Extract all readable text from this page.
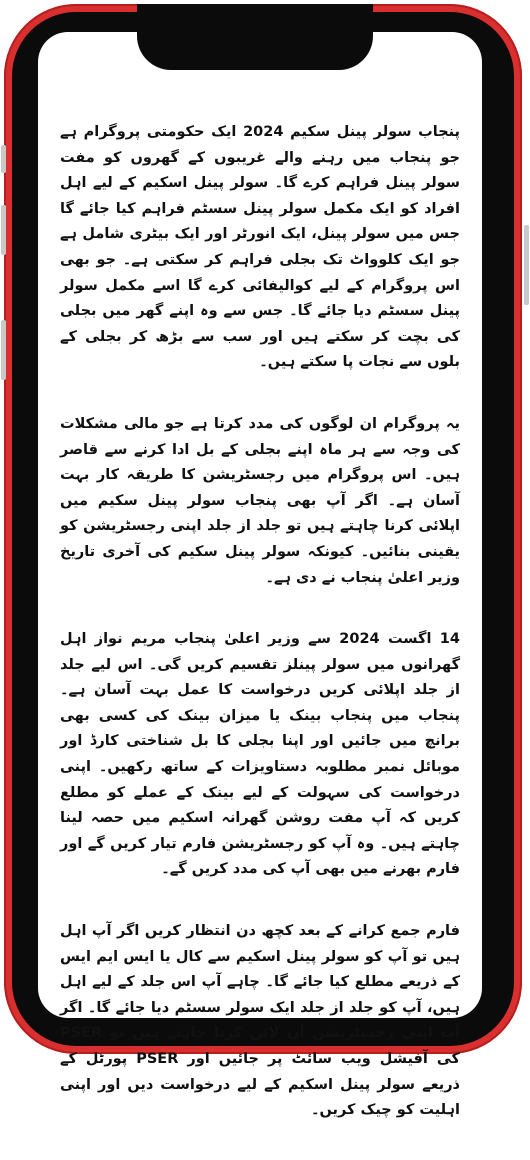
پنجاب سولر پینل سکیم 2024 ایک حکومتی پروگرام ہے جو پنجاب میں رہنے والے غریبوں کے گھروں کو مفت سولر پینل فراہم کرے گا۔ سولر پینل اسکیم کے لیے اہل افراد کو ایک مکمل سولر پینل سسٹم فراہم کیا جائے گا جس میں سولر پینل، ایک انورٹر اور ایک بیٹری شامل ہے جو ایک کلوواٹ تک بجلی فراہم کر سکتی ہے۔ جو بھی اس پروگرام کے لیے کوالیفائی کرے گا اسے مکمل سولر پینل سسٹم دیا جائے گا۔ جس سے وہ اپنے گھر میں بجلی کی بچت کر سکتے ہیں اور سب سے بڑھ کر بجلی کے بلوں سے نجات پا سکتے ہیں۔

یہ پروگرام ان لوگوں کی مدد کرتا ہے جو مالی مشکلات کی وجہ سے ہر ماہ اپنے بجلی کے بل ادا کرنے سے قاصر ہیں۔ اس پروگرام میں رجسٹریشن کا طریقہ کار بہت آسان ہے۔ اگر آپ بھی پنجاب سولر پینل سکیم میں اپلائی کرنا چاہتے ہیں تو جلد از جلد اپنی رجسٹریشن کو یقینی بنائیں۔ کیونکہ سولر پینل سکیم کی آخری تاریخ وزیر اعلیٰ پنجاب نے دی ہے۔

14 اگست 2024 سے وزیر اعلیٰ پنجاب مریم نواز اہل گھرانوں میں سولر پینلز تقسیم کریں گی۔ اس لیے جلد از جلد اپلائی کریں درخواست کا عمل بہت آسان ہے۔ پنجاب میں پنجاب بینک یا میزان بینک کی کسی بھی برانچ میں جائیں اور اپنا بجلی کا بل شناختی کارڈ اور موبائل نمبر مطلوبہ دستاویزات کے ساتھ رکھیں۔ اپنی درخواست کی سہولت کے لیے بینک کے عملے کو مطلع کریں کہ آپ مفت روشن گھرانہ اسکیم میں حصہ لینا چاہتے ہیں۔ وہ آپ کو رجسٹریشن فارم تیار کریں گے اور فارم بھرنے میں بھی آپ کی مدد کریں گے۔

فارم جمع کرانے کے بعد کچھ دن انتظار کریں اگر آپ اہل ہیں تو آپ کو سولر پینل اسکیم سے کال یا ایس ایم ایس کے ذریعے مطلع کیا جائے گا۔ چاہے آپ اس جلد کے لیے اہل ہیں، آپ کو جلد از جلد ایک سولر سسٹم دیا جائے گا۔ اگر آپ اپنی رجسٹریشن آن لائن کرنا چاہتے ہیں تو PSER کی آفیشل ویب سائٹ پر جائیں اور PSER پورٹل کے ذریعے سولر پینل اسکیم کے لیے درخواست دیں اور اپنی اہلیت کو چیک کریں۔
